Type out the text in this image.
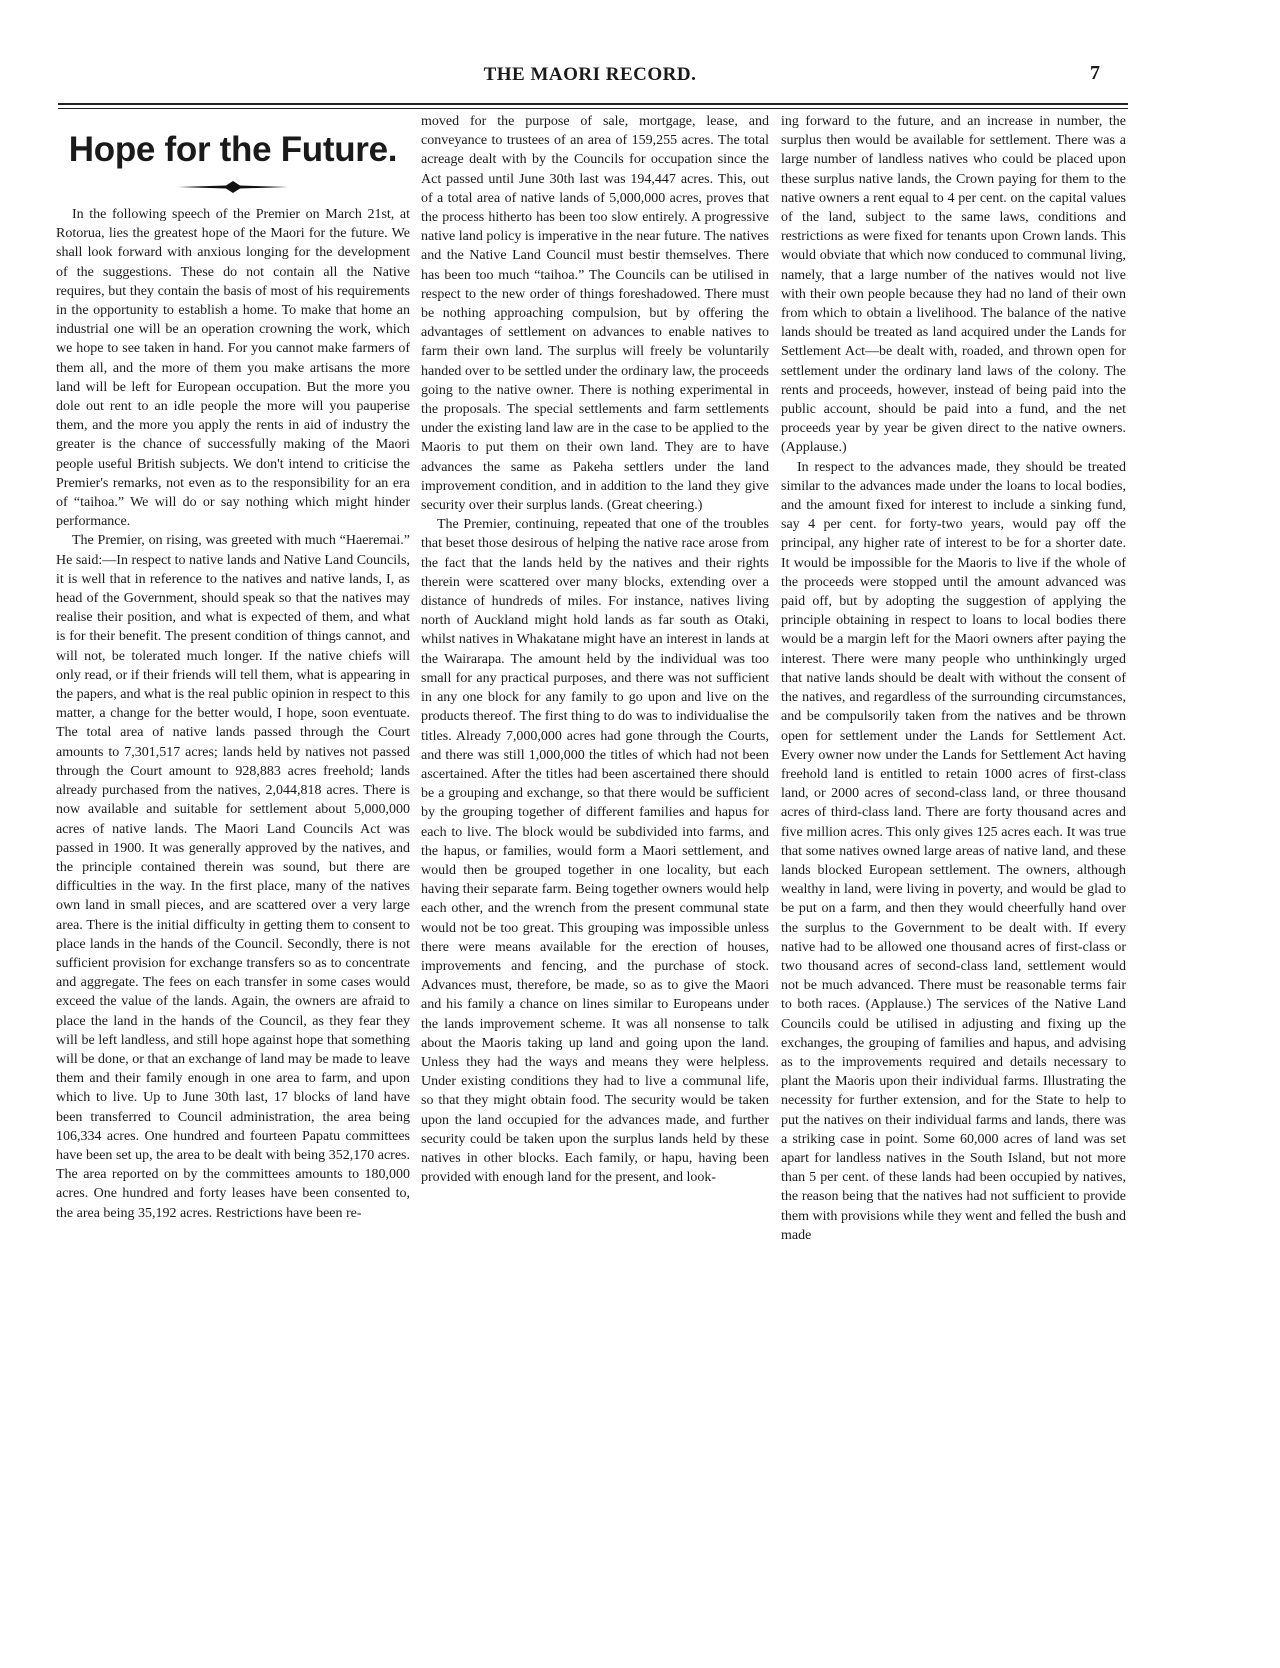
THE MAORI RECORD.	7
Hope for the Future.

In the following speech of the Premier on March 21st, at Rotorua, lies the greatest hope of the Maori for the future. We shall look forward with anxious longing for the development of the suggestions. These do not contain all the Native requires, but they contain the basis of most of his requirements in the opportunity to establish a home. To make that home an industrial one will be an operation crowning the work, which we hope to see taken in hand. For you cannot make farmers of them all, and the more of them you make artisans the more land will be left for European occupation. But the more you dole out rent to an idle people the more will you pauperise them, and the more you apply the rents in aid of industry the greater is the chance of successfully making of the Maori people useful British subjects. We don't intend to criticise the Premier's remarks, not even as to the responsibility for an era of “taihoa.” We will do or say nothing which might hinder performance.

The Premier, on rising, was greeted with much “Haeremai.” He said:—In respect to native lands and Native Land Councils, it is well that in reference to the natives and native lands, I, as head of the Government, should speak so that the natives may realise their position, and what is expected of them, and what is for their benefit. The present condition of things cannot, and will not, be tolerated much longer. If the native chiefs will only read, or if their friends will tell them, what is appearing in the papers, and what is the real public opinion in respect to this matter, a change for the better would, I hope, soon eventuate. The total area of native lands passed through the Court amounts to 7,301,517 acres; lands held by natives not passed through the Court amount to 928,883 acres freehold; lands already purchased from the natives, 2,044,818 acres. There is now available and suitable for settlement about 5,000,000 acres of native lands. The Maori Land Councils Act was passed in 1900. It was generally approved by the natives, and the principle contained therein was sound, but there are difficulties in the way. In the first place, many of the natives own land in small pieces, and are scattered over a very large area. There is the initial difficulty in getting them to consent to place lands in the hands of the Council. Secondly, there is not sufficient provision for exchange transfers so as to concentrate and aggregate. The fees on each transfer in some cases would exceed the value of the lands. Again, the owners are afraid to place the land in the hands of the Council, as they fear they will be left landless, and still hope against hope that something will be done, or that an exchange of land may be made to leave them and their family enough in one area to farm, and upon which to live. Up to June 30th last, 17 blocks of land have been transferred to Council administration, the area being 106,334 acres. One hundred and fourteen Papatu committees have been set up, the area to be dealt with being 352,170 acres. The area reported on by the committees amounts to 180,000 acres. One hundred and forty leases have been consented to, the area being 35,192 acres. Restrictions have been re-

moved for the purpose of sale, mortgage, lease, and conveyance to trustees of an area of 159,255 acres. The total acreage dealt with by the Councils for occupation since the Act passed until June 30th last was 194,447 acres. This, out of a total area of native lands of 5,000,000 acres, proves that the process hitherto has been too slow entirely. A progressive native land policy is imperative in the near future. The natives and the Native Land Council must bestir themselves. There has been too much “taihoa.” The Councils can be utilised in respect to the new order of things foreshadowed. There must be nothing approaching compulsion, but by offering the advantages of settlement on advances to enable natives to farm their own land. The surplus will freely be voluntarily handed over to be settled under the ordinary law, the proceeds going to the native owner. There is nothing experimental in the proposals. The special settlements and farm settlements under the existing land law are in the case to be applied to the Maoris to put them on their own land. They are to have advances the same as Pakeha settlers under the land improvement condition, and in addition to the land they give security over their surplus lands. (Great cheering.)

The Premier, continuing, repeated that one of the troubles that beset those desirous of helping the native race arose from the fact that the lands held by the natives and their rights therein were scattered over many blocks, extending over a distance of hundreds of miles. For instance, natives living north of Auckland might hold lands as far south as Otaki, whilst natives in Whakatane might have an interest in lands at the Wairarapa. The amount held by the individual was too small for any practical purposes, and there was not sufficient in any one block for any family to go upon and live on the products thereof. The first thing to do was to individualise the titles. Already 7,000,000 acres had gone through the Courts, and there was still 1,000,000 the titles of which had not been ascertained. After the titles had been ascertained there should be a grouping and exchange, so that there would be sufficient by the grouping together of different families and hapus for each to live. The block would be subdivided into farms, and the hapus, or families, would form a Maori settlement, and would then be grouped together in one locality, but each having their separate farm. Being together owners would help each other, and the wrench from the present communal state would not be too great. This grouping was impossible unless there were means available for the erection of houses, improvements and fencing, and the purchase of stock. Advances must, therefore, be made, so as to give the Maori and his family a chance on lines similar to Europeans under the lands improvement scheme. It was all nonsense to talk about the Maoris taking up land and going upon the land. Unless they had the ways and means they were helpless. Under existing conditions they had to live a communal life, so that they might obtain food. The security would be taken upon the land occupied for the advances made, and further security could be taken upon the surplus lands held by these natives in other blocks. Each family, or hapu, having been provided with enough land for the present, and look-

ing forward to the future, and an increase in number, the surplus then would be available for settlement. There was a large number of landless natives who could be placed upon these surplus native lands, the Crown paying for them to the native owners a rent equal to 4 per cent. on the capital values of the land, subject to the same laws, conditions and restrictions as were fixed for tenants upon Crown lands. This would obviate that which now conduced to communal living, namely, that a large number of the natives would not live with their own people because they had no land of their own from which to obtain a livelihood. The balance of the native lands should be treated as land acquired under the Lands for Settlement Act—be dealt with, roaded, and thrown open for settlement under the ordinary land laws of the colony. The rents and proceeds, however, instead of being paid into the public account, should be paid into a fund, and the net proceeds year by year be given direct to the native owners. (Applause.)

In respect to the advances made, they should be treated similar to the advances made under the loans to local bodies, and the amount fixed for interest to include a sinking fund, say 4 per cent. for forty-two years, would pay off the principal, any higher rate of interest to be for a shorter date. It would be impossible for the Maoris to live if the whole of the proceeds were stopped until the amount advanced was paid off, but by adopting the suggestion of applying the principle obtaining in respect to loans to local bodies there would be a margin left for the Maori owners after paying the interest. There were many people who unthinkingly urged that native lands should be dealt with without the consent of the natives, and regardless of the surrounding circumstances, and be compulsorily taken from the natives and be thrown open for settlement under the Lands for Settlement Act. Every owner now under the Lands for Settlement Act having freehold land is entitled to retain 1000 acres of first-class land, or 2000 acres of second-class land, or three thousand acres of third-class land. There are forty thousand acres and five million acres. This only gives 125 acres each. It was true that some natives owned large areas of native land, and these lands blocked European settlement. The owners, although wealthy in land, were living in poverty, and would be glad to be put on a farm, and then they would cheerfully hand over the surplus to the Government to be dealt with. If every native had to be allowed one thousand acres of first-class or two thousand acres of second-class land, settlement would not be much advanced. There must be reasonable terms fair to both races. (Applause.) The services of the Native Land Councils could be utilised in adjusting and fixing up the exchanges, the grouping of families and hapus, and advising as to the improvements required and details necessary to plant the Maoris upon their individual farms. Illustrating the necessity for further extension, and for the State to help to put the natives on their individual farms and lands, there was a striking case in point. Some 60,000 acres of land was set apart for landless natives in the South Island, but not more than 5 per cent. of these lands had been occupied by natives, the reason being that the natives had not sufficient to provide them with provisions while they went and felled the bush and made
